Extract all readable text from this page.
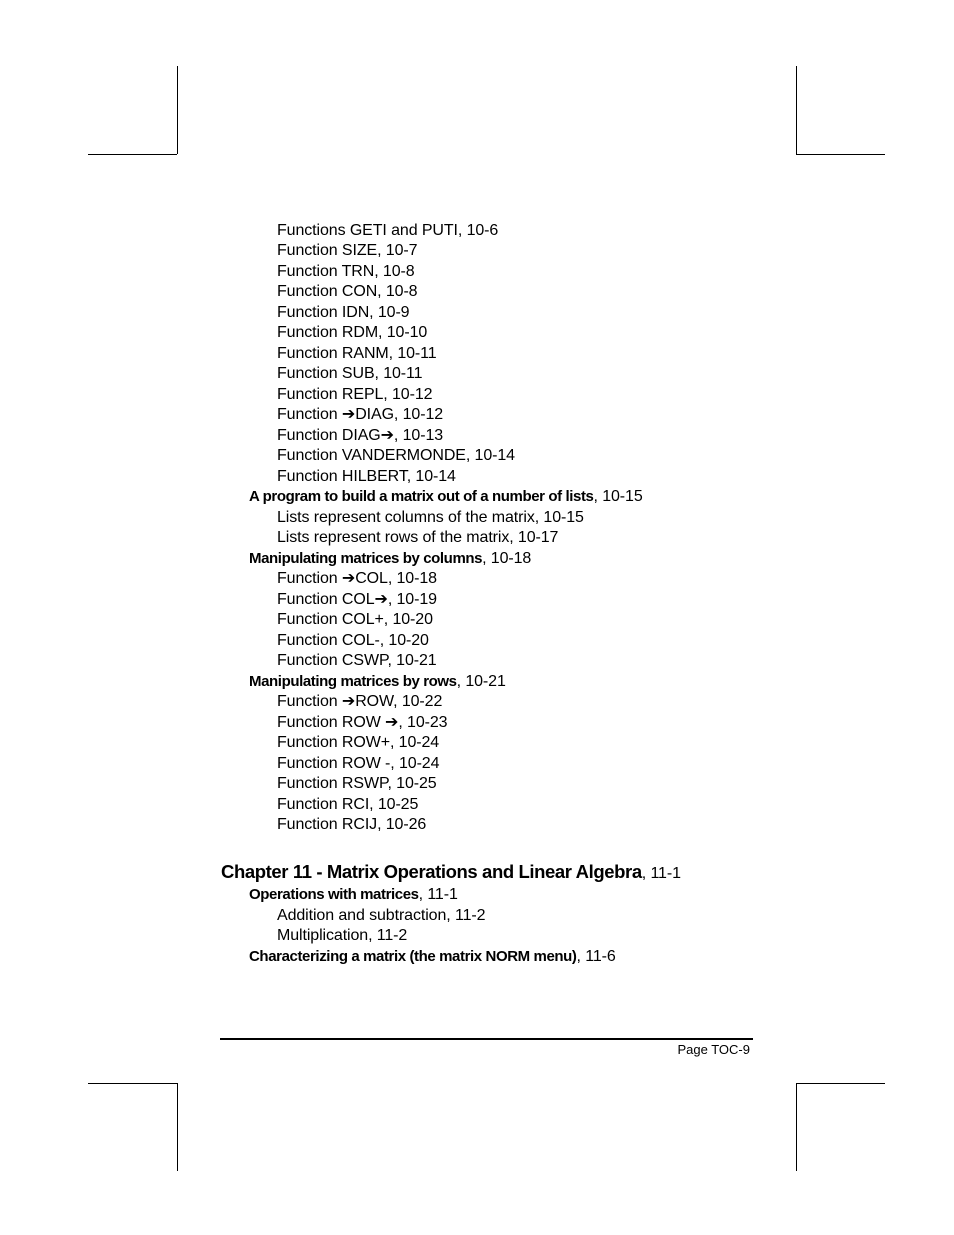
Functions GETI and PUTI, 10-6
Function SIZE, 10-7
Function TRN, 10-8
Function CON, 10-8
Function IDN, 10-9
Function RDM, 10-10
Function RANM, 10-11
Function SUB, 10-11
Function REPL, 10-12
Function ➔DIAG, 10-12
Function DIAG➔, 10-13
Function VANDERMONDE, 10-14
Function HILBERT, 10-14
A program to build a matrix out of a number of lists, 10-15
Lists represent columns of the matrix, 10-15
Lists represent rows of the matrix, 10-17
Manipulating matrices by columns, 10-18
Function ➔COL, 10-18
Function COL➔, 10-19
Function COL+, 10-20
Function COL-, 10-20
Function CSWP, 10-21
Manipulating matrices by rows, 10-21
Function ➔ROW, 10-22
Function ROW ➔, 10-23
Function ROW+, 10-24
Function ROW -, 10-24
Function RSWP, 10-25
Function RCI, 10-25
Function RCIJ, 10-26
Chapter 11 - Matrix Operations and Linear Algebra, 11-1
Operations with matrices, 11-1
Addition and subtraction, 11-2
Multiplication, 11-2
Characterizing a matrix (the matrix NORM menu), 11-6
Page TOC-9
